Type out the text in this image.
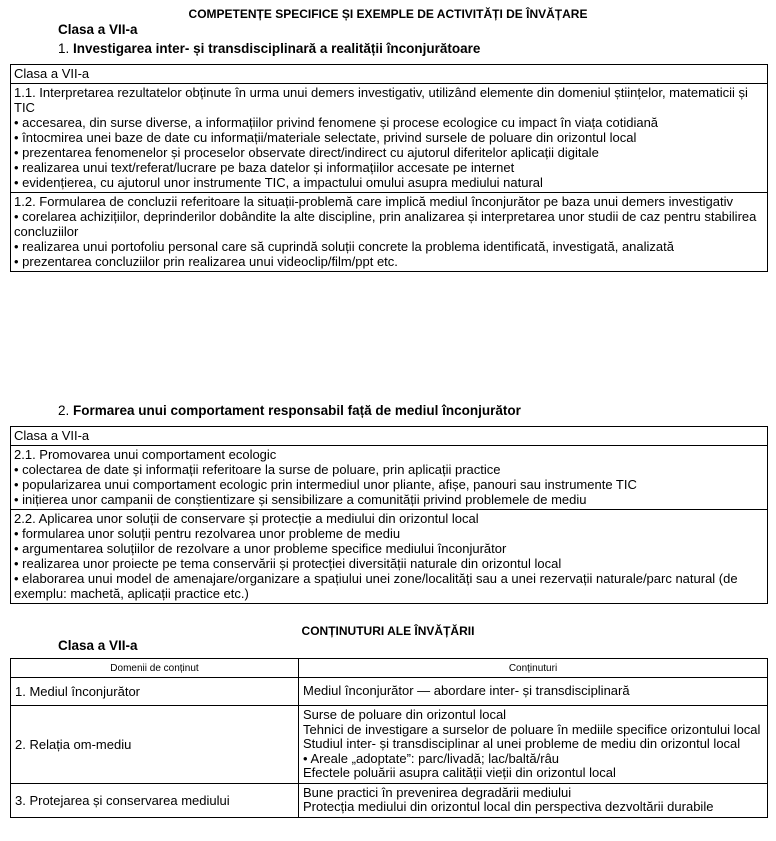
COMPETENȚE SPECIFICE ȘI EXEMPLE DE ACTIVITĂȚI DE ÎNVĂȚARE
Clasa a VII-a
1. Investigarea inter- și transdisciplinară a realității înconjurătoare
Clasa a VII-a
1.1. Interpretarea rezultatelor obținute în urma unui demers investigativ, utilizând elemente din domeniul științelor, matematicii și TIC
• accesarea, din surse diverse, a informațiilor privind fenomene și procese ecologice cu impact în viața cotidiană
• întocmirea unei baze de date cu informații/materiale selectate, privind sursele de poluare din orizontul local
• prezentarea fenomenelor și proceselor observate direct/indirect cu ajutorul diferitelor aplicații digitale
• realizarea unui text/referat/lucrare pe baza datelor și informațiilor accesate pe internet
• evidențierea, cu ajutorul unor instrumente TIC, a impactului omului asupra mediului natural
1.2. Formularea de concluzii referitoare la situații-problemă care implică mediul înconjurător pe baza unui demers investigativ
• corelarea achizițiilor, deprinderilor dobândite la alte discipline, prin analizarea și interpretarea unor studii de caz pentru stabilirea concluziilor
• realizarea unui portofoliu personal care să cuprindă soluții concrete la problema identificată, investigată, analizată
• prezentarea concluziilor prin realizarea unui videoclip/film/ppt etc.
2. Formarea unui comportament responsabil față de mediul înconjurător
Clasa a VII-a
2.1. Promovarea unui comportament ecologic
• colectarea de date și informații referitoare la surse de poluare, prin aplicații practice
• popularizarea unui comportament ecologic prin intermediul unor pliante, afișe, panouri sau instrumente TIC
• inițierea unor campanii de conștientizare și sensibilizare a comunității privind problemele de mediu
2.2. Aplicarea unor soluții de conservare și protecție a mediului din orizontul local
• formularea unor soluții pentru rezolvarea unor probleme de mediu
• argumentarea soluțiilor de rezolvare a unor probleme specifice mediului înconjurător
• realizarea unor proiecte pe tema conservării și protecției diversității naturale din orizontul local
• elaborarea unui model de amenajare/organizare a spațiului unei zone/localități sau a unei rezervații naturale/parc natural (de exemplu: machetă, aplicații practice etc.)
CONȚINUTURI ALE ÎNVĂȚĂRII
Clasa a VII-a
Domenii de conținut	Conținuturi
1. Mediul înconjurător	Mediul înconjurător — abordare inter- și transdisciplinară

2. Relația om-mediu	Surse de poluare din orizontul local
Tehnici de investigare a surselor de poluare în mediile specifice orizontului local
Studiul inter- și transdisciplinar al unei probleme de mediu din orizontul local
• Areale „adoptate”: parc/livadă; lac/baltă/râu
Efectele poluării asupra calității vieții din orizontul local

3. Protejarea și conservarea mediului	Bune practici în prevenirea degradării mediului
Protecția mediului din orizontul local din perspectiva dezvoltării durabile
